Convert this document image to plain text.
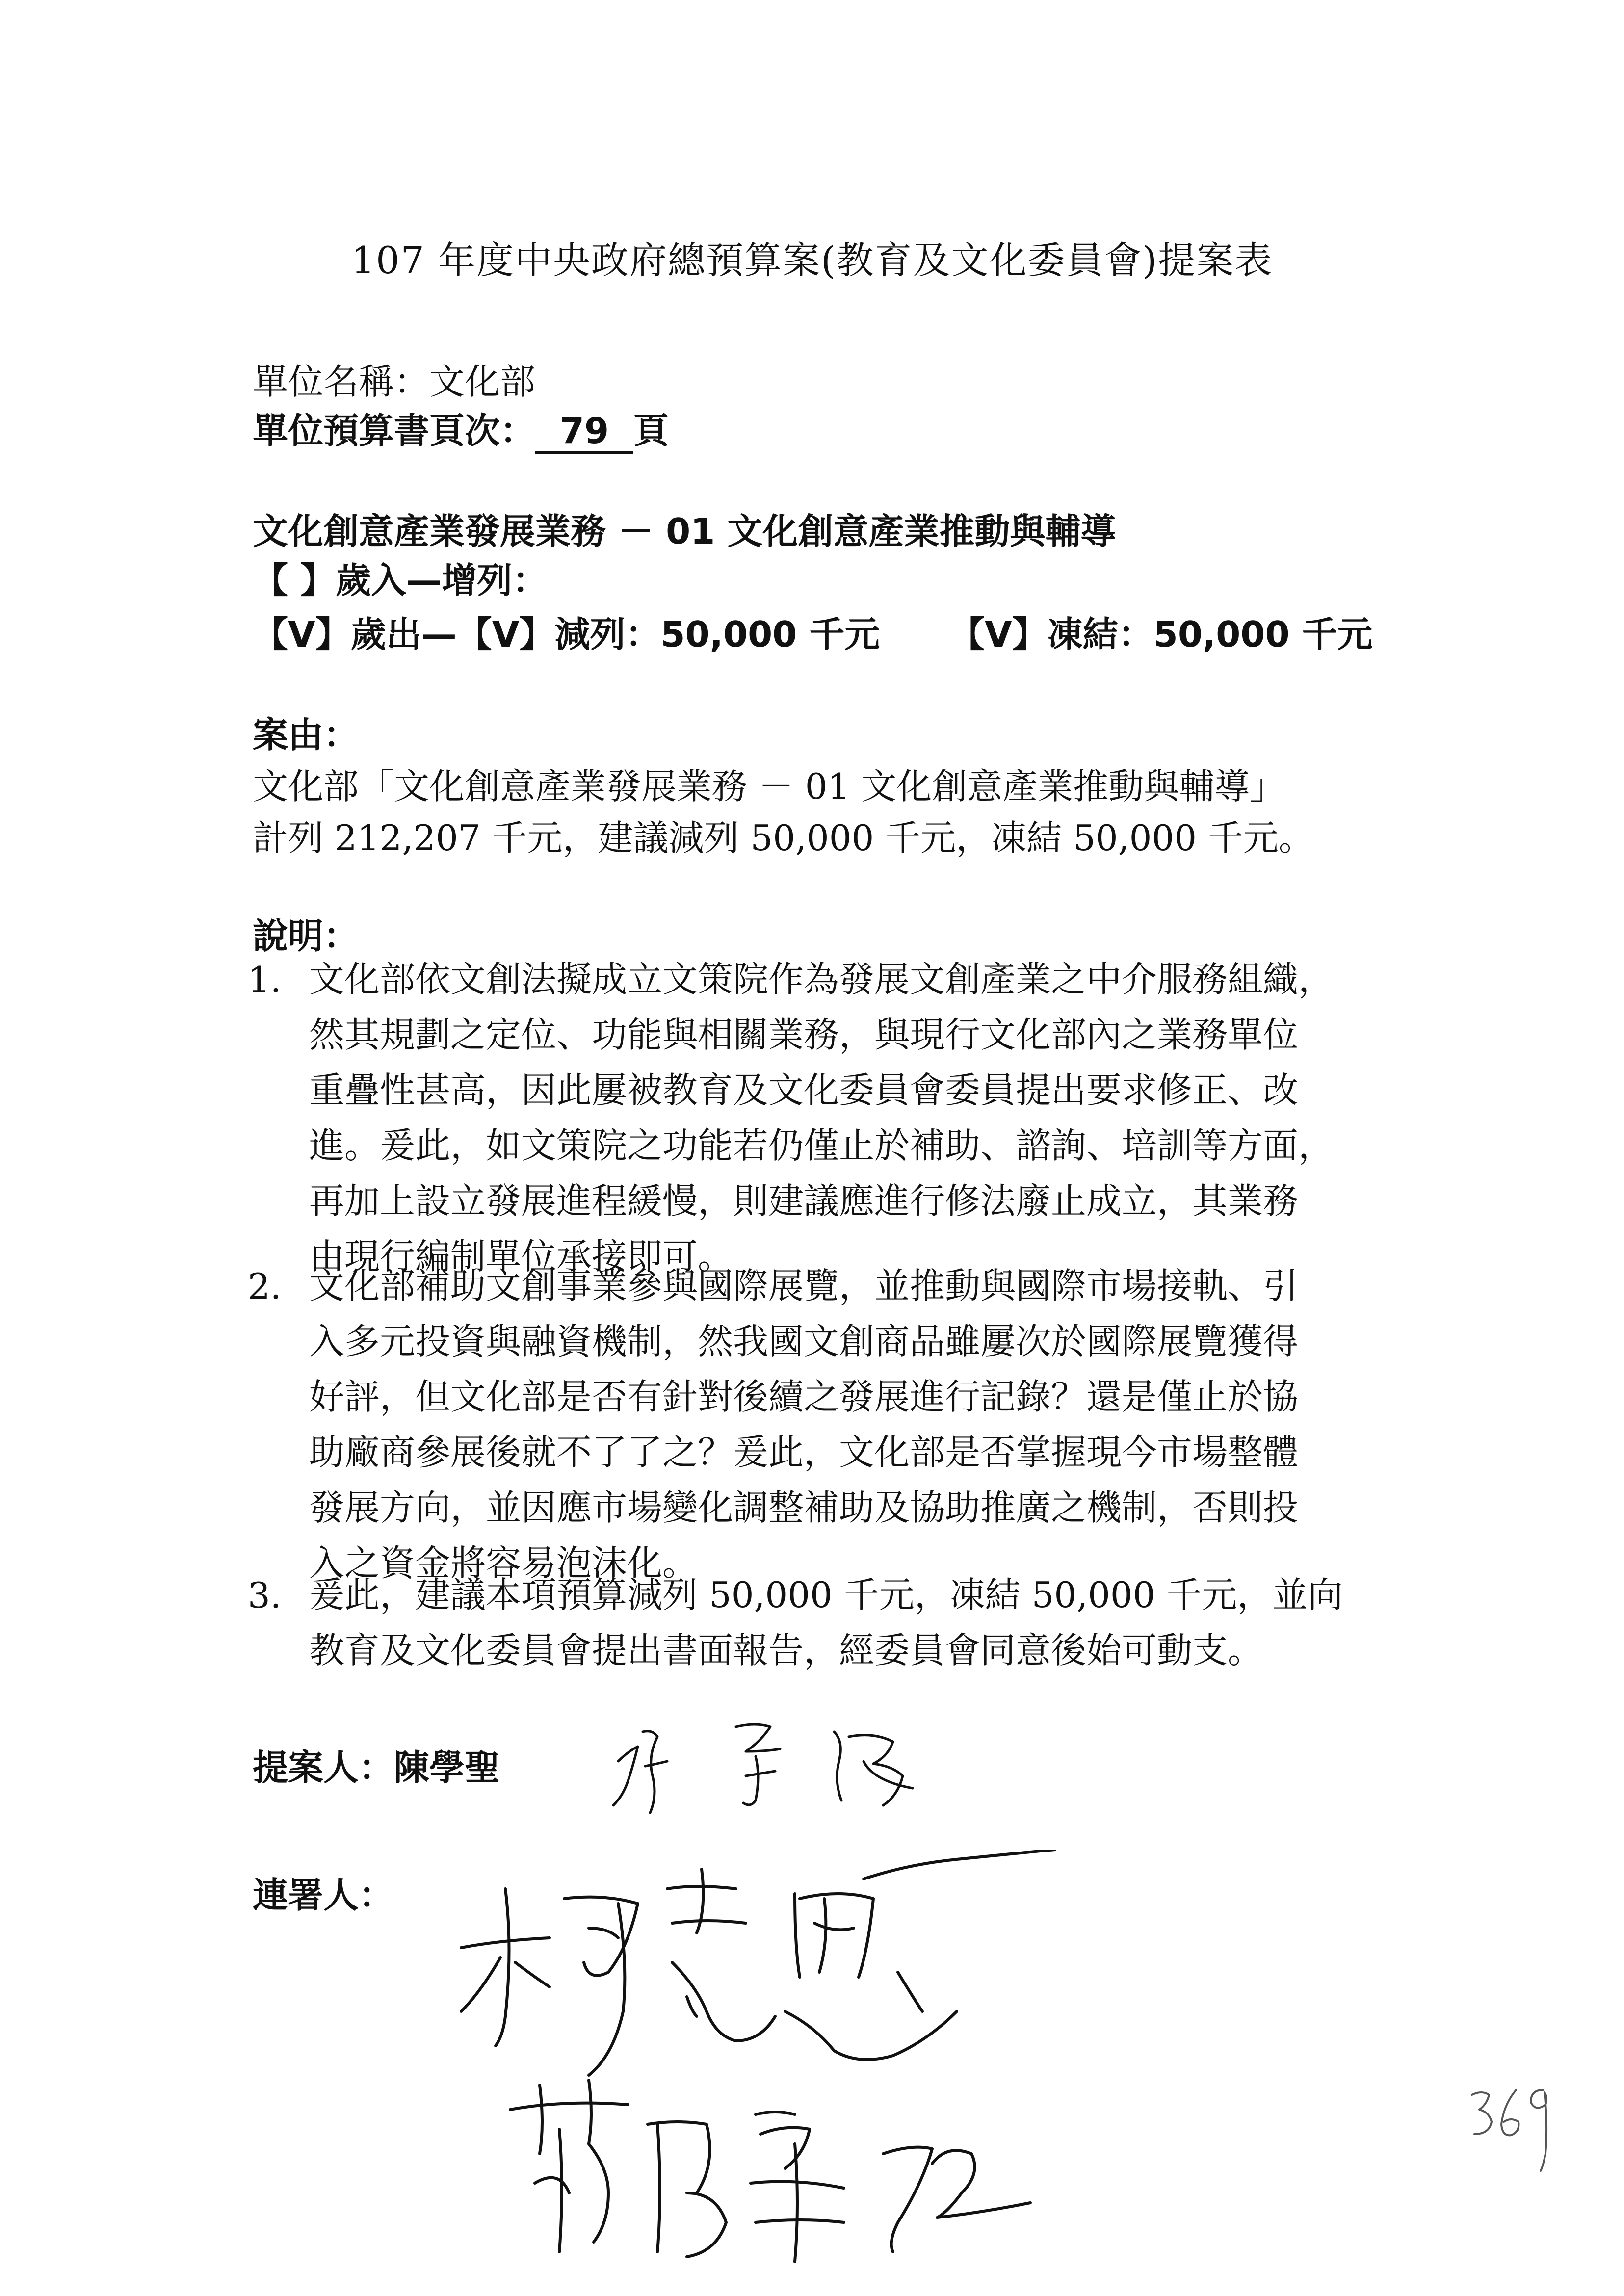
107 年度中央政府總預算案(教育及文化委員會)提案表
單位名稱：文化部
單位預算書頁次： 79 頁
文化創意產業發展業務 － 01 文化創意產業推動與輔導
【 】歲入—增列：
【V】歲出—【V】減列：50,000 千元 【V】凍結：50,000 千元
案由：
文化部「文化創意產業發展業務 － 01 文化創意產業推動與輔導」
計列 212,207 千元，建議減列 50,000 千元，凍結 50,000 千元。
說明：
1. 文化部依文創法擬成立文策院作為發展文創產業之中介服務組織，
然其規劃之定位、功能與相關業務，與現行文化部內之業務單位
重疊性甚高，因此屢被教育及文化委員會委員提出要求修正、改
進。爰此，如文策院之功能若仍僅止於補助、諮詢、培訓等方面，
再加上設立發展進程緩慢，則建議應進行修法廢止成立，其業務
由現行編制單位承接即可。
2. 文化部補助文創事業參與國際展覽，並推動與國際市場接軌、引
入多元投資與融資機制，然我國文創商品雖屢次於國際展覽獲得
好評，但文化部是否有針對後續之發展進行記錄？還是僅止於協
助廠商參展後就不了了之？爰此，文化部是否掌握現今市場整體
發展方向，並因應市場變化調整補助及協助推廣之機制，否則投
入之資金將容易泡沫化。
3. 爰此，建議本項預算減列 50,000 千元，凍結 50,000 千元，並向
教育及文化委員會提出書面報告，經委員會同意後始可動支。
提案人：陳學聖
連署人：
